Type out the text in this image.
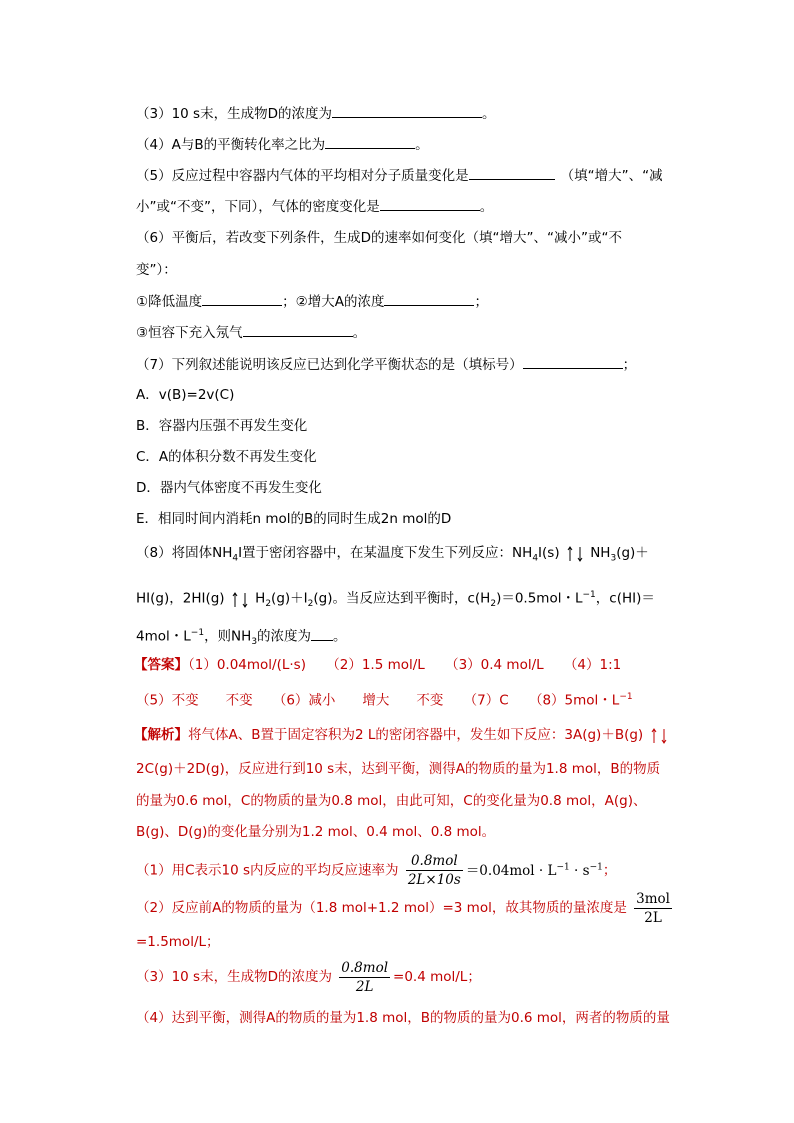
（3）10 s末，生成物D的浓度为	。
（4）A与B的平衡转化率之比为	。
（5）反应过程中容器内气体的平均相对分子质量变化是	（填“增大”、“减
小”或“不变”，下同），气体的密度变化是	。
（6）平衡后，若改变下列条件，生成D的速率如何变化（填“增大”、“减小”或“不
变”）：
①降低温度	；②增大A的浓度	；
③恒容下充入氖气	。
（7）下列叙述能说明该反应已达到化学平衡状态的是（填标号）	；
A．v(B)=2v(C)
B．容器内压强不再发生变化
C．A的体积分数不再发生变化
D．器内气体密度不再发生变化
E．相同时间内消耗n mol的B的同时生成2n mol的D
（8）将固体$NH_4I$置于密闭容器中，在某温度下发生下列反应：$NH_4I(s)$ $NH_3(g)+$
HI(g)，2HI(g) $H_2(g)+I_2(g)$。当反应达到平衡时，$c(H_2)=0.5mol$・$L^{-1}$，c(HI)＝
4mol・$L^{-1}$，则$NH_3$的浓度为 。
【答案】（1）0.04mol/(L·s)　　（2）1.5 mol/L　　（3）0.4 mol/L　　（4）1:1
（5）不变　　不变　　（6）减小　　增大　　不变　　（7）C　　（8）5mol・$L^{-1}$
【解析】将气体A、B置于固定容积为2 L的密闭容器中，发生如下反应：3A(g)＋B(g)
2C(g)＋2D(g)，反应进行到10 s末，达到平衡，测得A的物质的量为1.8 mol，B的物质
的量为0.6 mol，C的物质的量为0.8 mol，由此可知，C的变化量为0.8 mol，A(g)、
B(g)、D(g)的变化量分别为1.2 mol、0.4 mol、0.8 mol。
（1）用C表示10 s内反应的平均反应速率为 $\frac{\text{0.8mol}}{2L\times 10s} =0.04mol \cdot L^{-1} \cdot s^{-1}$；
（2）反应前A的物质的量为（1.8 mol+1.2 mol）=3 mol，故其物质的量浓度是 $\frac{\text{3mol}}{2L}$
=1.5mol/L；
（3）10 s末，生成物D的浓度为 $\frac{\text{0.8mol}}{2L} =0.4$ mol/L；
（4）达到平衡，测得A的物质的量为1.8 mol，B的物质的量为0.6 mol，两者的物质的量
